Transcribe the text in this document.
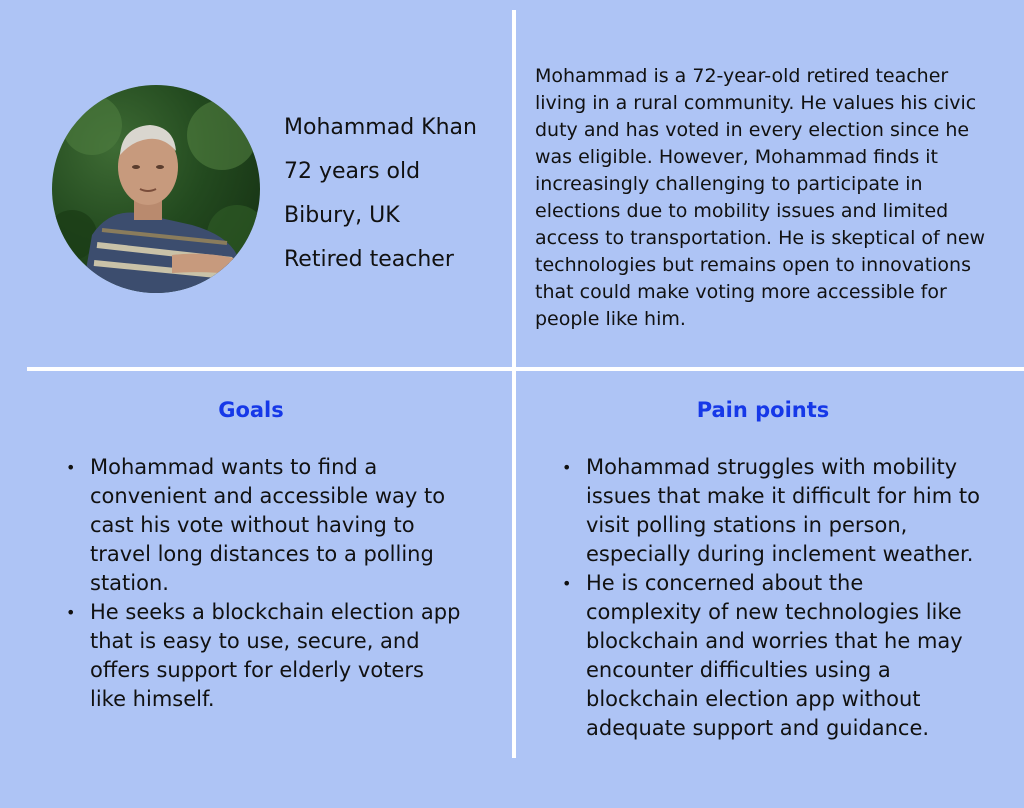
Mohammad Khan
72 years old
Bibury, UK
Retired teacher
Mohammad is a 72-year-old retired teacher living in a rural community. He values his civic duty and has voted in every election since he was eligible. However, Mohammad finds it increasingly challenging to participate in elections due to mobility issues and limited access to transportation. He is skeptical of new technologies but remains open to innovations that could make voting more accessible for people like him.
Goals
• Mohammad wants to find a convenient and accessible way to cast his vote without having to travel long distances to a polling station.
• He seeks a blockchain election app that is easy to use, secure, and offers support for elderly voters like himself.
Pain points
• Mohammad struggles with mobility issues that make it difficult for him to visit polling stations in person, especially during inclement weather.
• He is concerned about the complexity of new technologies like blockchain and worries that he may encounter difficulties using a blockchain election app without adequate support and guidance.
